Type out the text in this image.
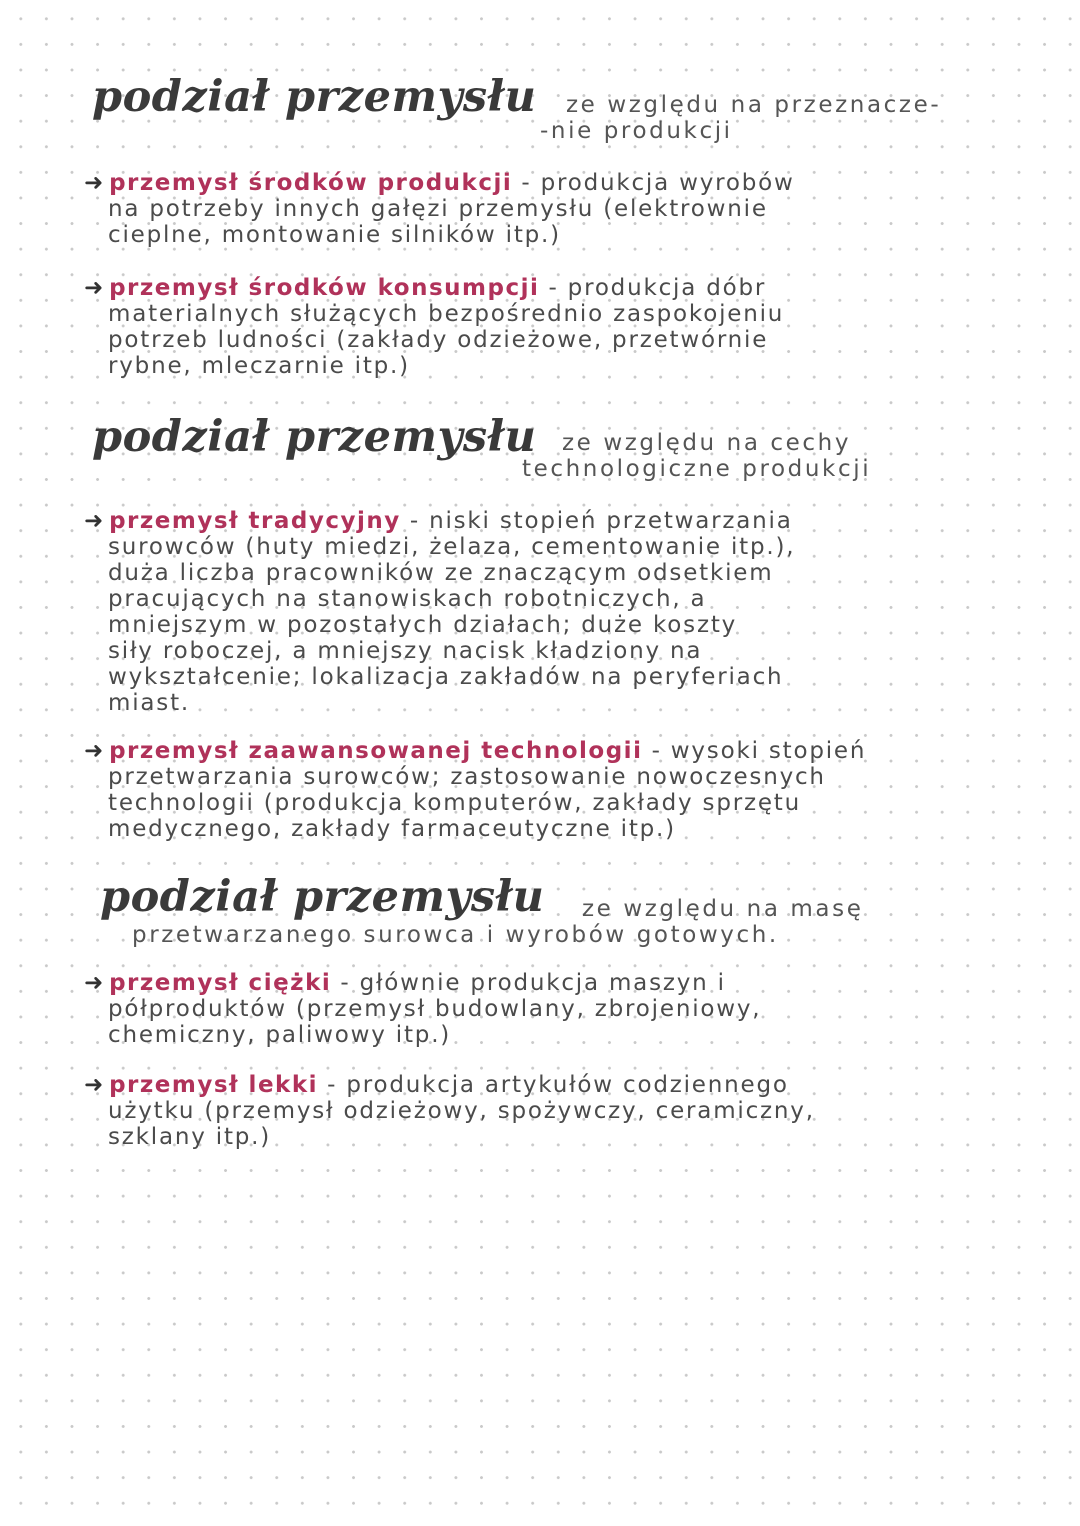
podział przemysłu ze względu na przeznacze-
-nie produkcji
➜ przemysł środków produkcji - produkcja wyrobów
na potrzeby innych gałęzi przemysłu (elektrownie
cieplne, montowanie silników itp.)
➜ przemysł środków konsumpcji - produkcja dóbr
materialnych służących bezpośrednio zaspokojeniu
potrzeb ludności (zakłady odzieżowe, przetwórnie
rybne, mleczarnie itp.)
podział przemysłu ze względu na cechy
technologiczne produkcji
➜ przemysł tradycyjny - niski stopień przetwarzania
surowców (huty miedzi, żelaza, cementowanie itp.),
duża liczba pracowników ze znaczącym odsetkiem
pracujących na stanowiskach robotniczych, a
mniejszym w pozostałych działach; duże koszty
siły roboczej, a mniejszy nacisk kładziony na
wykształcenie; lokalizacja zakładów na peryferiach
miast.
➜ przemysł zaawansowanej technologii - wysoki stopień
przetwarzania surowców; zastosowanie nowoczesnych
technologii (produkcja komputerów, zakłady sprzętu
medycznego, zakłady farmaceutyczne itp.)
podział przemysłu ze względu na masę
przetwarzanego surowca i wyrobów gotowych.
➜ przemysł ciężki - głównie produkcja maszyn i
półproduktów (przemysł budowlany, zbrojeniowy,
chemiczny, paliwowy itp.)
➜ przemysł lekki - produkcja artykułów codziennego
użytku (przemysł odzieżowy, spożywczy, ceramiczny,
szklany itp.)
